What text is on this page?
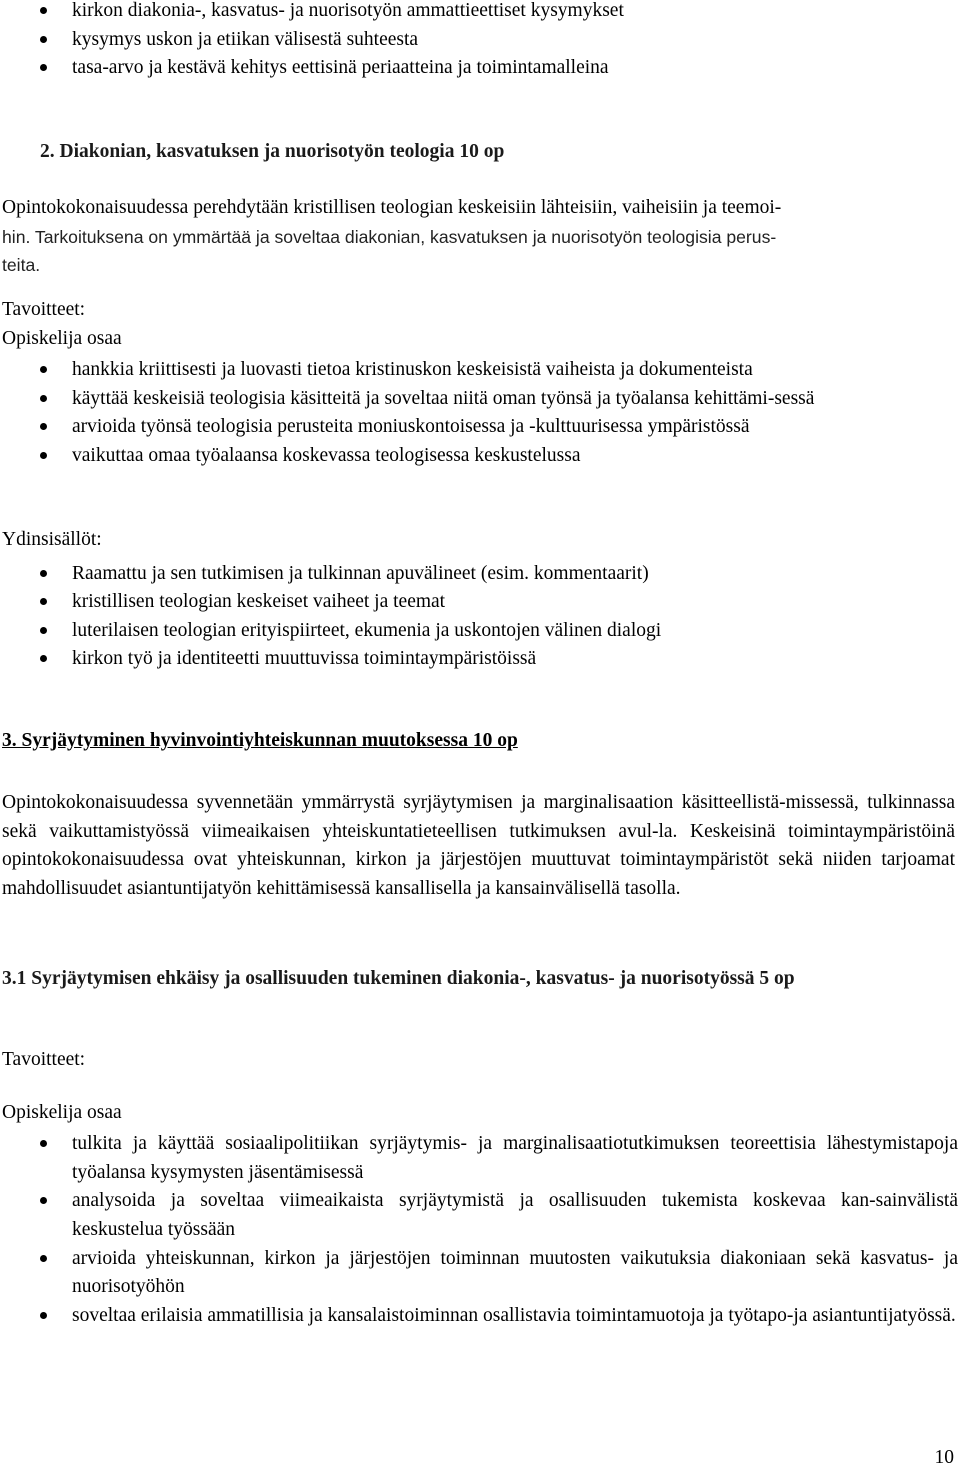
kirkon diakonia-, kasvatus- ja nuorisotyön ammattieettiset kysymykset
kysymys uskon ja etiikan välisestä suhteesta
tasa-arvo ja kestävä kehitys eettisinä periaatteina ja toimintamalleina

2. Diakonian, kasvatuksen ja nuorisotyön teologia 10 op

Opintokokonaisuudessa perehdytään kristillisen teologian keskeisiin lähteisiin, vaiheisiin ja teemoi-

hin. Tarkoituksena on ymmärtää ja soveltaa diakonian, kasvatuksen ja nuorisotyön teologisia perus-

teita.

Tavoitteet:

Opiskelija osaa

hankkia kriittisesti ja luovasti tietoa kristinuskon keskeisistä vaiheista ja dokumenteista
käyttää keskeisiä teologisia käsitteitä ja soveltaa niitä oman työnsä ja työalansa kehittämi-sessä
arvioida työnsä teologisia perusteita moniuskontoisessa ja -kulttuurisessa ympäristössä
vaikuttaa omaa työalaansa koskevassa teologisessa keskustelussa

Ydinsisällöt:

Raamattu ja sen tutkimisen ja tulkinnan apuvälineet (esim. kommentaarit)
kristillisen teologian keskeiset vaiheet ja teemat
luterilaisen teologian erityispiirteet, ekumenia ja uskontojen välinen dialogi
kirkon työ ja identiteetti muuttuvissa toimintaympäristöissä

3. Syrjäytyminen hyvinvointiyhteiskunnan muutoksessa 10 op

Opintokokonaisuudessa syvennetään ymmärrystä syrjäytymisen ja marginalisaation käsitteellistä-missessä, tulkinnassa sekä vaikuttamistyössä viimeaikaisen yhteiskuntatieteellisen tutkimuksen avul-la. Keskeisinä toimintaympäristöinä opintokokonaisuudessa ovat yhteiskunnan, kirkon ja järjestöjen muuttuvat toimintaympäristöt sekä niiden tarjoamat mahdollisuudet asiantuntijatyön kehittämisessä kansallisella ja kansainvälisellä tasolla.

3.1 Syrjäytymisen ehkäisy ja osallisuuden tukeminen diakonia-, kasvatus- ja nuorisotyössä 5 op

Tavoitteet:

Opiskelija osaa

tulkita ja käyttää sosiaalipolitiikan syrjäytymis- ja marginalisaatiotutkimuksen teoreettisia lähestymistapoja työalansa kysymysten jäsentämisessä
analysoida ja soveltaa viimeaikaista syrjäytymistä ja osallisuuden tukemista koskevaa kan-sainvälistä keskustelua työssään
arvioida yhteiskunnan, kirkon ja järjestöjen toiminnan muutosten vaikutuksia diakoniaan sekä kasvatus- ja nuorisotyöhön
soveltaa erilaisia ammatillisia ja kansalaistoiminnan osallistavia toimintamuotoja ja työtapo-ja asiantuntijatyössä.
10
